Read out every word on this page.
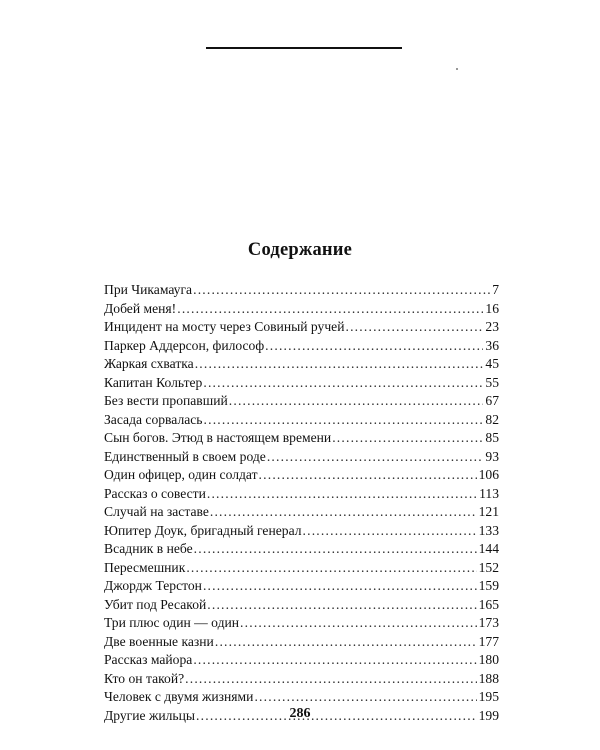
Содержание
При Чикамауга . . .	7
Добей меня! . . .	16
Инцидент на мосту через Совиный ручей . . .	23
Паркер Аддерсон, философ . . .	36
Жаркая схватка . . .	45
Капитан Кольтер . . .	55
Без вести пропавший . . .	67
Засада сорвалась . . .	82
Сын богов. Этюд в настоящем времени . . .	85
Единственный в своем роде . . .	93
Один офицер, один солдат . . .	106
Рассказ о совести . . .	113
Случай на заставе . . .	121
Юпитер Доук, бригадный генерал . . .	133
Всадник в небе . . .	144
Пересмешник . . .	152
Джордж Терстон . . .	159
Убит под Ресакой . . .	165
Три плюс один — один . . .	173
Две военные казни . . .	177
Рассказ майора . . .	180
Кто он такой? . . .	188
Человек с двумя жизнями . . .	195
Другие жильцы . . .	199
286
